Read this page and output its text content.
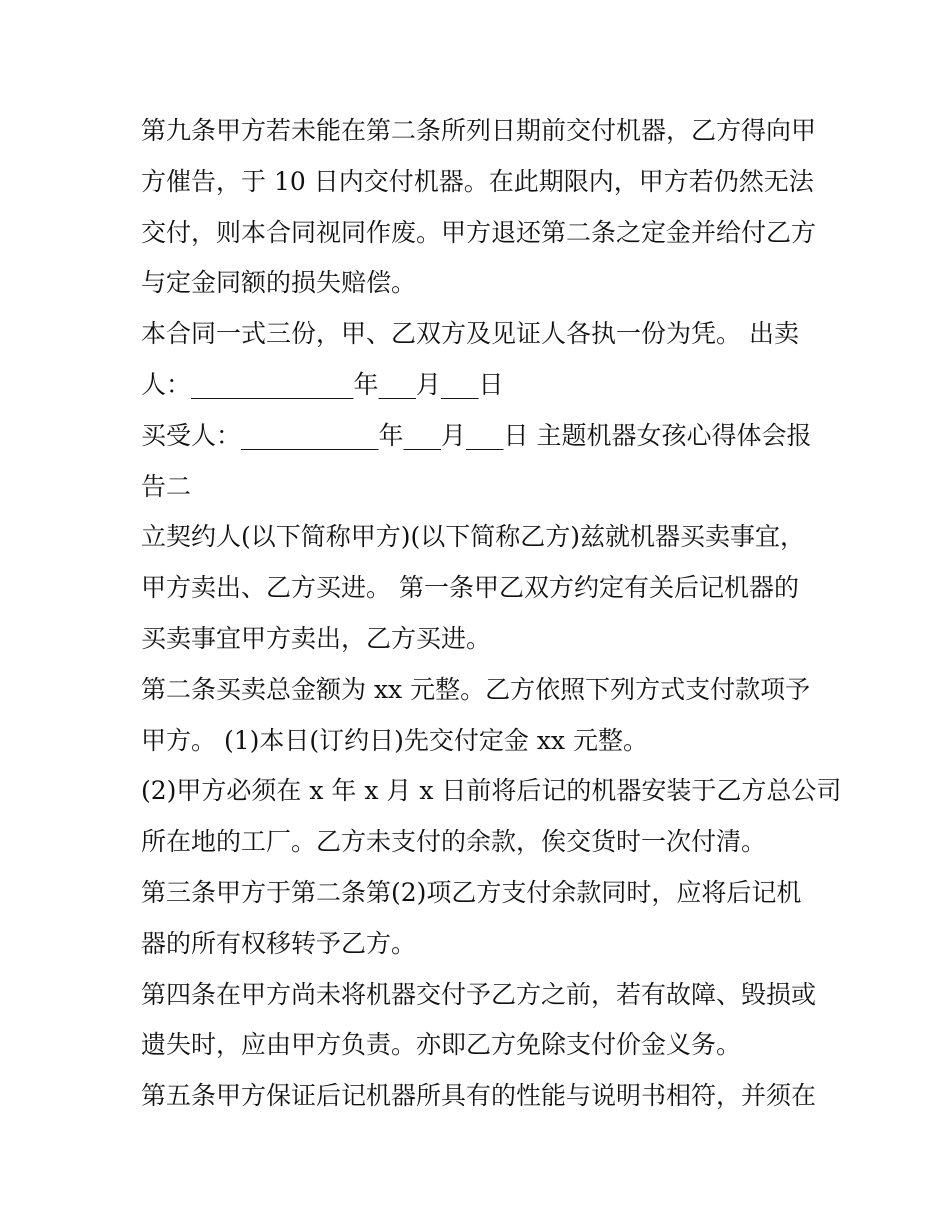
第九条甲方若未能在第二条所列日期前交付机器，乙方得向甲
方催告，于 10 日内交付机器。在此期限内，甲方若仍然无法
交付，则本合同视同作废。甲方退还第二条之定金并给付乙方
与定金同额的损失赔偿。
本合同一式三份，甲、乙双方及见证人各执一份为凭。 出卖
人：_____________年___月___日
买受人：___________年___月___日 主题机器女孩心得体会报
告二
立契约人(以下简称甲方)(以下简称乙方)兹就机器买卖事宜，
甲方卖出、乙方买进。 第一条甲乙双方约定有关后记机器的
买卖事宜甲方卖出，乙方买进。
第二条买卖总金额为 xx 元整。乙方依照下列方式支付款项予
甲方。 (1)本日(订约日)先交付定金 xx 元整。
(2)甲方必须在 x 年 x 月 x 日前将后记的机器安装于乙方总公司
所在地的工厂。乙方未支付的余款，俟交货时一次付清。
第三条甲方于第二条第(2)项乙方支付余款同时，应将后记机
器的所有权移转予乙方。
第四条在甲方尚未将机器交付予乙方之前，若有故障、毁损或
遗失时，应由甲方负责。亦即乙方免除支付价金义务。
第五条甲方保证后记机器所具有的性能与说明书相符，并须在
